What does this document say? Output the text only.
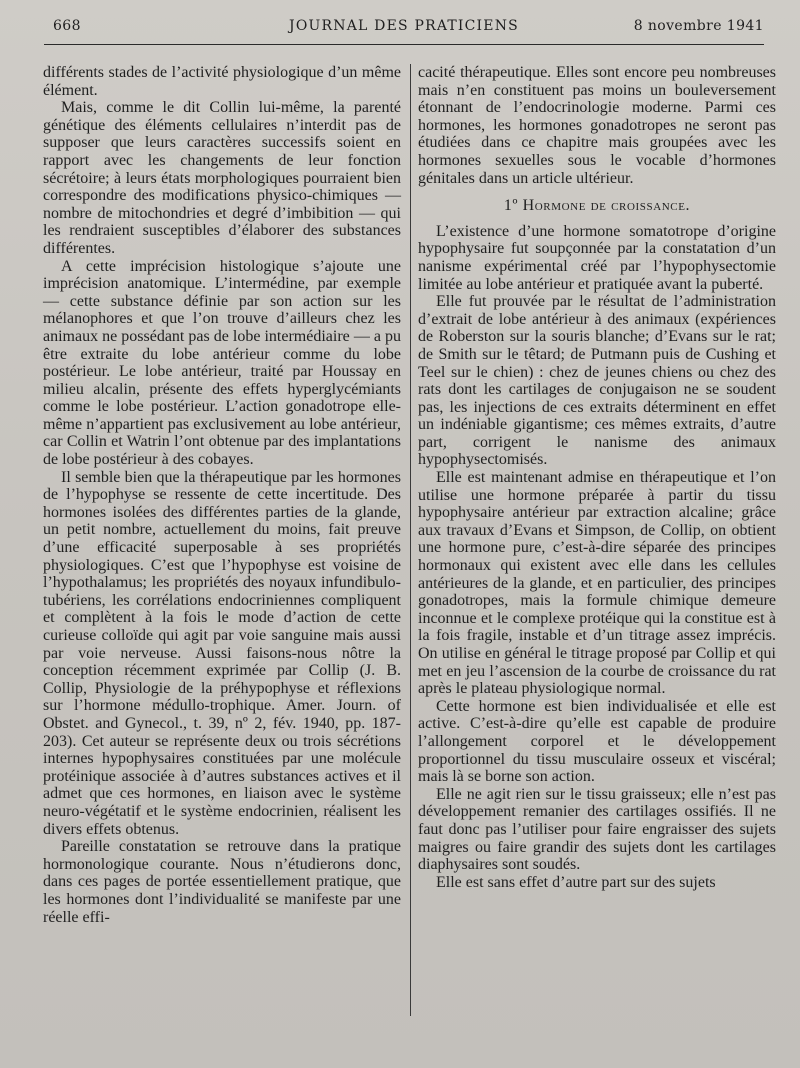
668	JOURNAL DES PRATICIENS	8 novembre 1941

différents stades de l’activité physiologique d’un même élément.

Mais, comme le dit Collin lui-même, la parenté génétique des éléments cellulaires n’interdit pas de supposer que leurs caractères successifs soient en rapport avec les changements de leur fonction sécrétoire; à leurs états morphologiques pourraient bien correspondre des modifications physico-chimiques — nombre de mitochondries et degré d’imbibition — qui les rendraient susceptibles d’élaborer des substances différentes.

A cette imprécision histologique s’ajoute une imprécision anatomique. L’intermédine, par exemple — cette substance définie par son action sur les mélanophores et que l’on trouve d’ailleurs chez les animaux ne possédant pas de lobe intermédiaire — a pu être extraite du lobe antérieur comme du lobe postérieur. Le lobe antérieur, traité par Houssay en milieu alcalin, présente des effets hyperglycémiants comme le lobe postérieur. L’action gonadotrope elle-même n’appartient pas exclusivement au lobe antérieur, car Collin et Watrin l’ont obtenue par des implantations de lobe postérieur à des cobayes.

Il semble bien que la thérapeutique par les hormones de l’hypophyse se ressente de cette incertitude. Des hormones isolées des différentes parties de la glande, un petit nombre, actuellement du moins, fait preuve d’une efficacité superposable à ses propriétés physiologiques. C’est que l’hypophyse est voisine de l’hypothalamus; les propriétés des noyaux infundibulo-tubériens, les corrélations endocriniennes compliquent et complètent à la fois le mode d’action de cette curieuse colloïde qui agit par voie sanguine mais aussi par voie nerveuse. Aussi faisons-nous nôtre la conception récemment exprimée par Collip (J. B. Collip, Physiologie de la préhypophyse et réflexions sur l’hormone médullo-trophique. Amer. Journ. of Obstet. and Gynecol., t. 39, nº 2, fév. 1940, pp. 187-203). Cet auteur se représente deux ou trois sécrétions internes hypophysaires constituées par une molécule protéinique associée à d’autres substances actives et il admet que ces hormones, en liaison avec le système neuro-végétatif et le système endocrinien, réalisent les divers effets obtenus.

Pareille constatation se retrouve dans la pratique hormonologique courante. Nous n’étudierons donc, dans ces pages de portée essentiellement pratique, que les hormones dont l’individualité se manifeste par une réelle effi-

cacité thérapeutique. Elles sont encore peu nombreuses mais n’en constituent pas moins un bouleversement étonnant de l’endocrinologie moderne. Parmi ces hormones, les hormones gonadotropes ne seront pas étudiées dans ce chapitre mais groupées avec les hormones sexuelles sous le vocable d’hormones génitales dans un article ultérieur.

1º Hormone de croissance.

L’existence d’une hormone somatotrope d’origine hypophysaire fut soupçonnée par la constatation d’un nanisme expérimental créé par l’hypophysectomie limitée au lobe antérieur et pratiquée avant la puberté.

Elle fut prouvée par le résultat de l’administration d’extrait de lobe antérieur à des animaux (expériences de Roberston sur la souris blanche; d’Evans sur le rat; de Smith sur le têtard; de Putmann puis de Cushing et Teel sur le chien) : chez de jeunes chiens ou chez des rats dont les cartilages de conjugaison ne se soudent pas, les injections de ces extraits déterminent en effet un indéniable gigantisme; ces mêmes extraits, d’autre part, corrigent le nanisme des animaux hypophysectomisés.

Elle est maintenant admise en thérapeutique et l’on utilise une hormone préparée à partir du tissu hypophysaire antérieur par extraction alcaline; grâce aux travaux d’Evans et Simpson, de Collip, on obtient une hormone pure, c’est-à-dire séparée des principes hormonaux qui existent avec elle dans les cellules antérieures de la glande, et en particulier, des principes gonadotropes, mais la formule chimique demeure inconnue et le complexe protéique qui la constitue est à la fois fragile, instable et d’un titrage assez imprécis. On utilise en général le titrage proposé par Collip et qui met en jeu l’ascension de la courbe de croissance du rat après le plateau physiologique normal.

Cette hormone est bien individualisée et elle est active. C’est-à-dire qu’elle est capable de produire l’allongement corporel et le développement proportionnel du tissu musculaire osseux et viscéral; mais là se borne son action.

Elle ne agit rien sur le tissu graisseux; elle n’est pas développement remanier des cartilages ossifiés. Il ne faut donc pas l’utiliser pour faire engraisser des sujets maigres ou faire grandir des sujets dont les cartilages diaphysaires sont soudés.

Elle est sans effet d’autre part sur des sujets
